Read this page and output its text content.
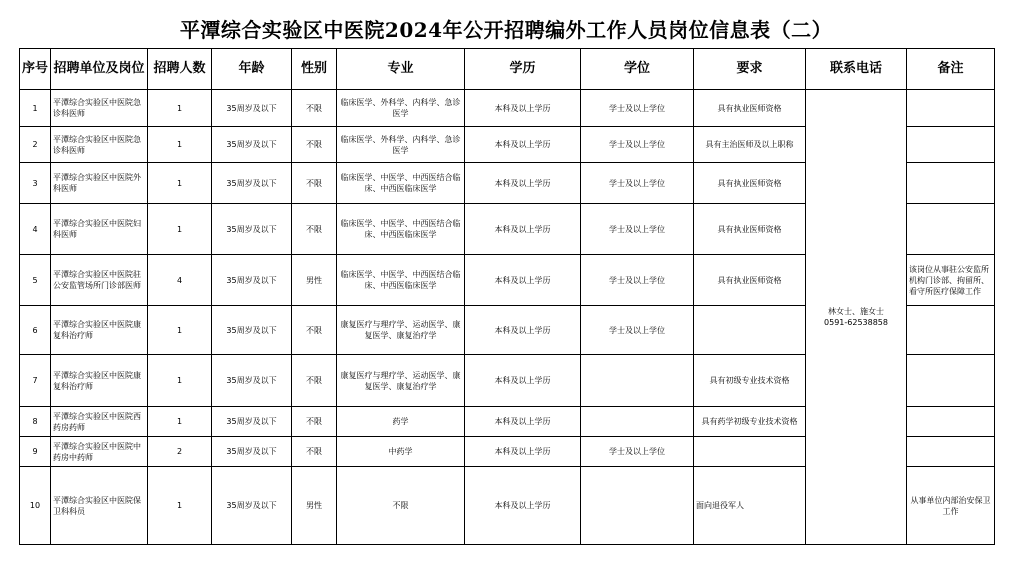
平潭综合实验区中医院2024年公开招聘编外工作人员岗位信息表（二）
序号	招聘单位及岗位	招聘人数	年龄	性别	专业	学历	学位	要求	联系电话	备注
1	平潭综合实验区中医院急诊科医师	1	35周岁及以下	不限	临床医学、外科学、内科学、急诊医学	本科及以上学历	学士及以上学位	具有执业医师资格	林女士、施女士
0591-62538858	

2	平潭综合实验区中医院急诊科医师	1	35周岁及以下	不限	临床医学、外科学、内科学、急诊医学	本科及以上学历	学士及以上学位	具有主治医师及以上职称		
3	平潭综合实验区中医院外科医师	1	35周岁及以下	不限	临床医学、中医学、中西医结合临床、中西医临床医学	本科及以上学历	学士及以上学位	具有执业医师资格		
4	平潭综合实验区中医院妇科医师	1	35周岁及以下	不限	临床医学、中医学、中西医结合临床、中西医临床医学	本科及以上学历	学士及以上学位	具有执业医师资格		
5	平潭综合实验区中医院驻公安监管场所门诊部医师	4	35周岁及以下	男性	临床医学、中医学、中西医结合临床、中西医临床医学	本科及以上学历	学士及以上学位	具有执业医师资格		该岗位从事驻公安监所机构门诊部、拘留所、看守所医疗保障工作
6	平潭综合实验区中医院康复科治疗师	1	35周岁及以下	不限	康复医疗与理疗学、运动医学、康复医学、康复治疗学	本科及以上学历	学士及以上学位			
7	平潭综合实验区中医院康复科治疗师	1	35周岁及以下	不限	康复医疗与理疗学、运动医学、康复医学、康复治疗学	本科及以上学历		具有初级专业技术资格		
8	平潭综合实验区中医院西药房药师	1	35周岁及以下	不限	药学	本科及以上学历		具有药学初级专业技术资格		
9	平潭综合实验区中医院中药房中药师	2	35周岁及以下	不限	中药学	本科及以上学历	学士及以上学位			
10	平潭综合实验区中医院保卫科科员	1	35周岁及以下	男性	不限	本科及以上学历		面向退役军人		从事单位内部治安保卫工作
